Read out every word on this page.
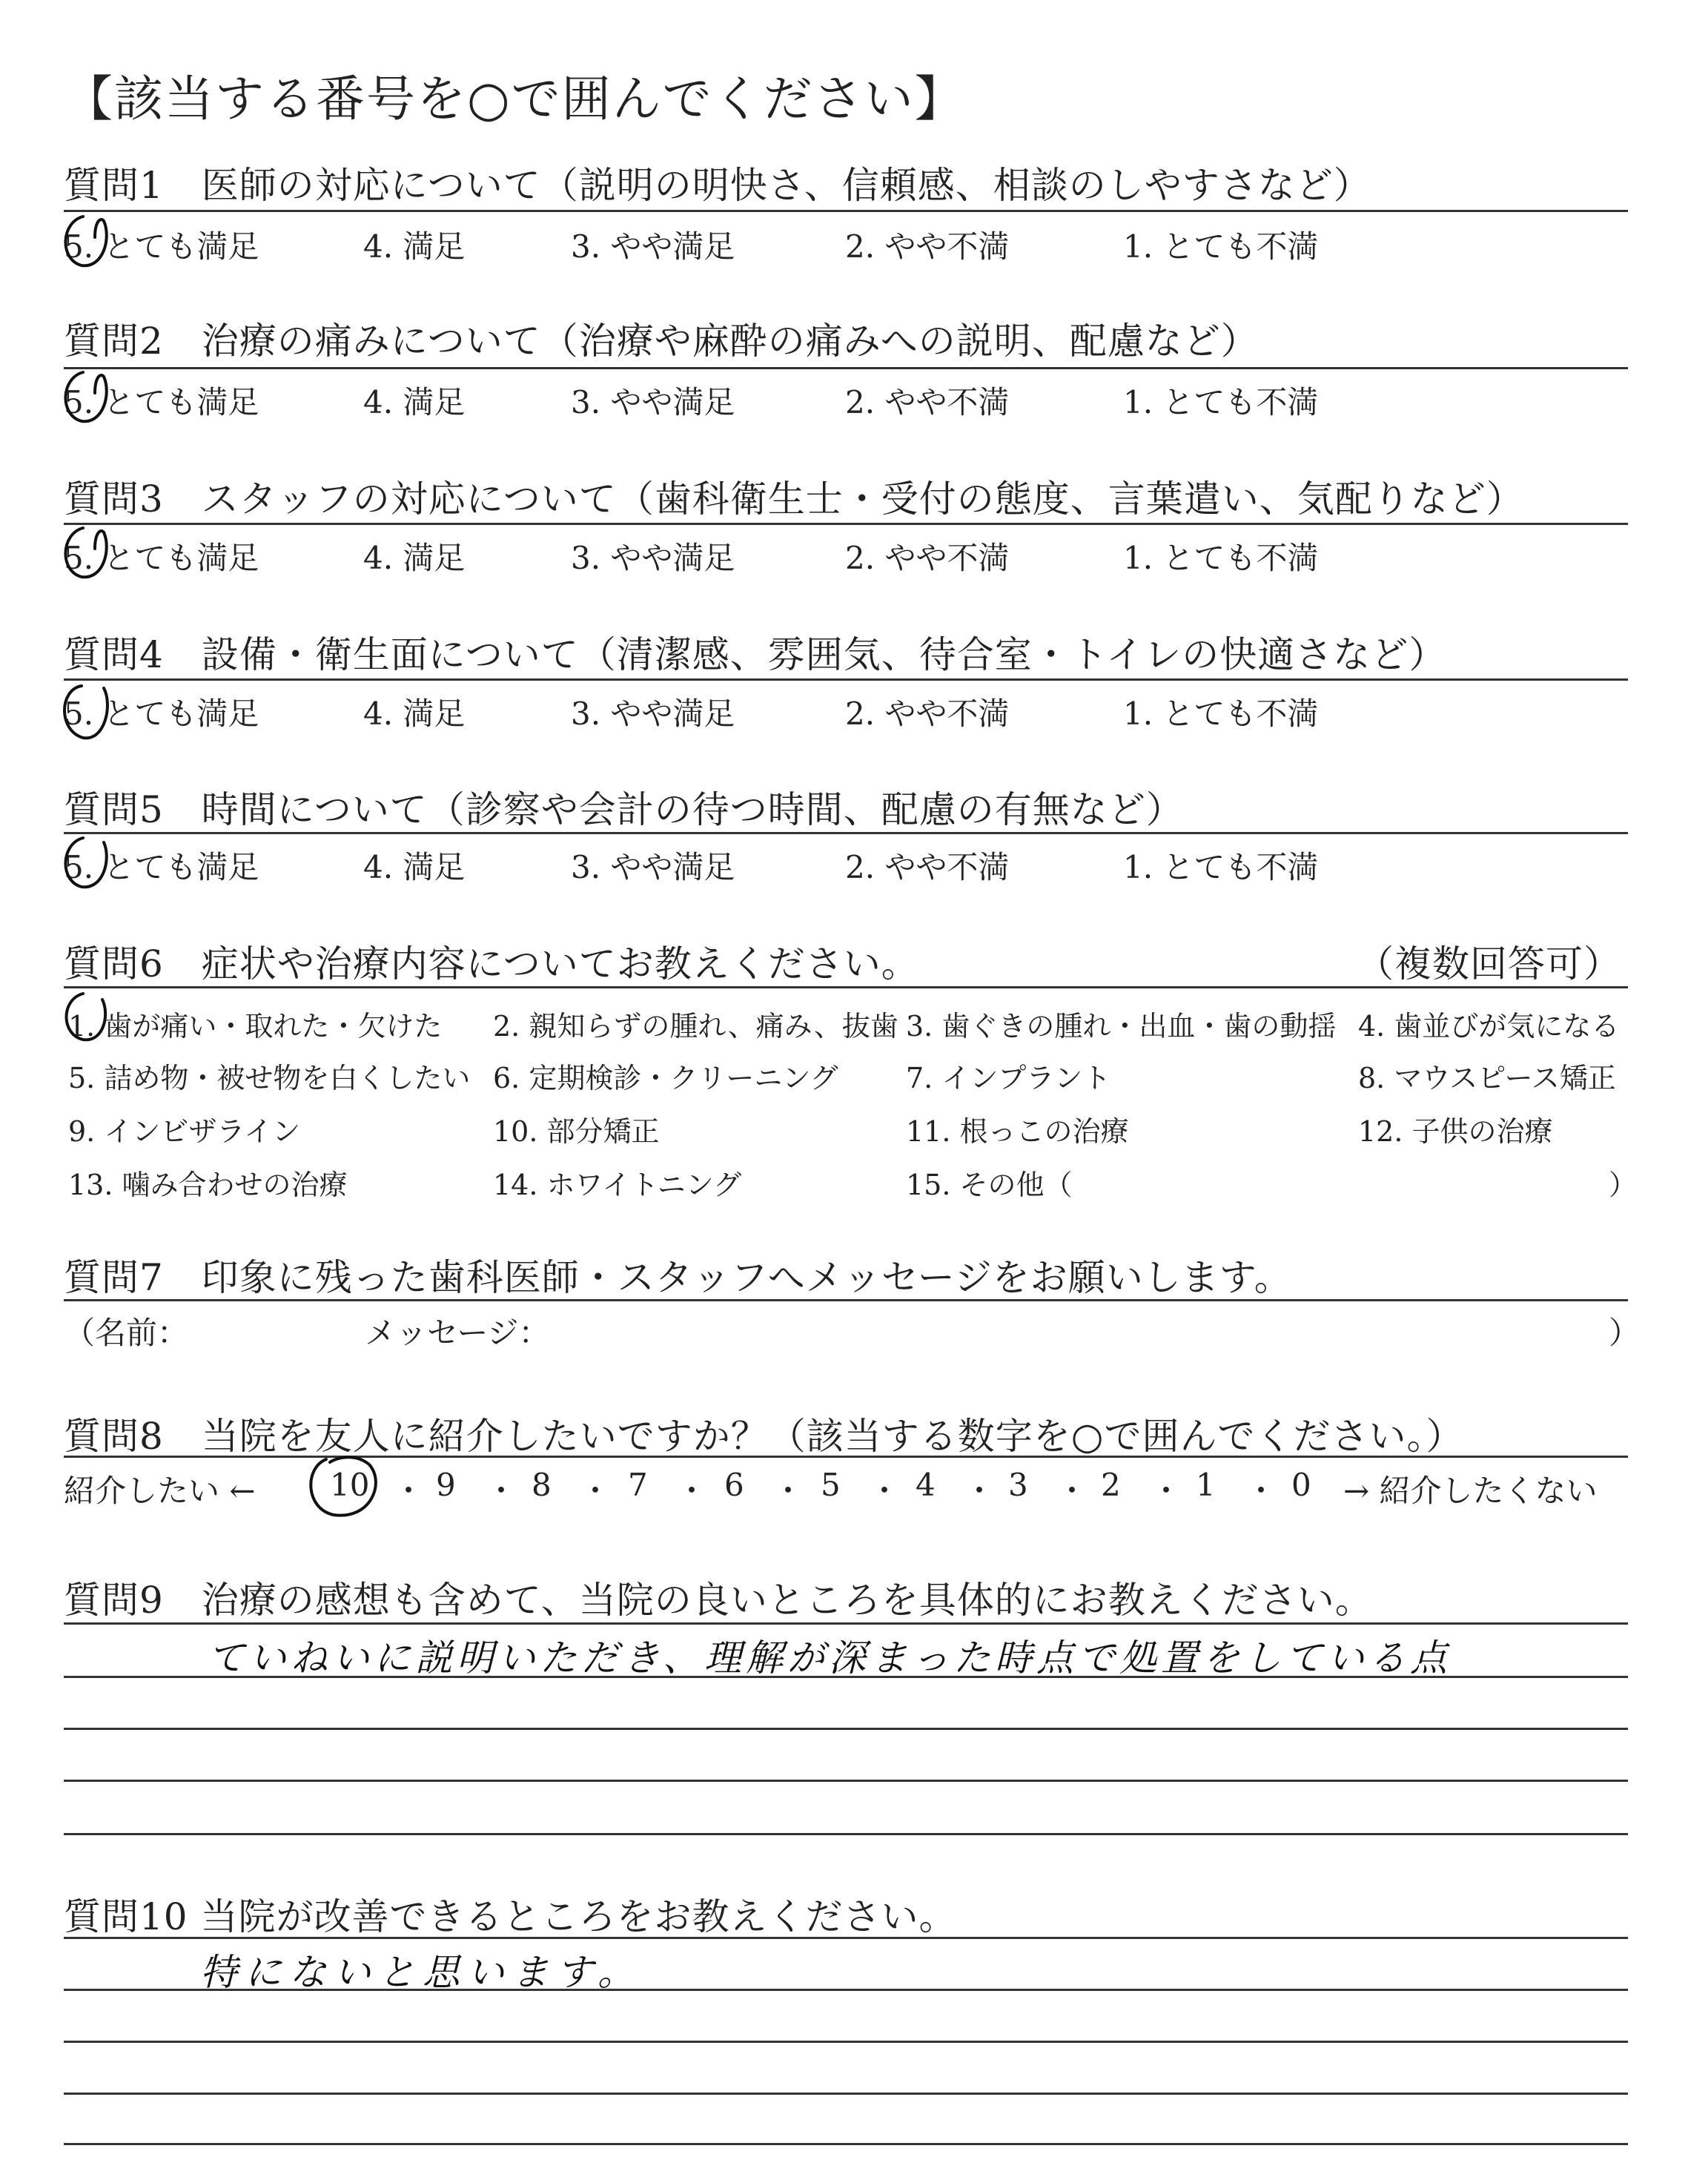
【該当する番号を○で囲んでください】
質問1　医師の対応について（説明の明快さ、信頼感、相談のしやすさなど）
5. とても満足	4. 満足	3. やや満足	2. やや不満	1. とても不満
質問2　治療の痛みについて（治療や麻酔の痛みへの説明、配慮など）
5. とても満足	4. 満足	3. やや満足	2. やや不満	1. とても不満
質問3　スタッフの対応について（歯科衛生士・受付の態度、言葉遣い、気配りなど）
5. とても満足	4. 満足	3. やや満足	2. やや不満	1. とても不満
質問4　設備・衛生面について（清潔感、雰囲気、待合室・トイレの快適さなど）
5. とても満足	4. 満足	3. やや満足	2. やや不満	1. とても不満
質問5　時間について（診察や会計の待つ時間、配慮の有無など）
5. とても満足	4. 満足	3. やや満足	2. やや不満	1. とても不満
質問6　症状や治療内容についてお教えください。	（複数回答可）
1. 歯が痛い・取れた・欠けた 2. 親知らずの腫れ、痛み、抜歯 3. 歯ぐきの腫れ・出血・歯の動揺 4. 歯並びが気になる
5. 詰め物・被せ物を白くしたい 6. 定期検診・クリーニング 7. インプラント	8. マウスピース矯正
9. インビザライン	10. 部分矯正	11. 根っこの治療	12. 子供の治療
13. 噛み合わせの治療	14. ホワイトニング	15. その他（	）
質問7　印象に残った歯科医師・スタッフへメッセージをお願いします。
（名前：	メッセージ：	）
質問8　当院を友人に紹介したいですか？（該当する数字を○で囲んでください。）
紹介したい ← 10 ・ 9 ・ 8 ・ 7 ・ 6 ・ 5 ・ 4 ・ 3 ・ 2 ・ 1 ・ 0 → 紹介したくない
質問9　治療の感想も含めて、当院の良いところを具体的にお教えください。
ていねいに説明いただき、理解が深まった時点で処置をしている点
質問10 当院が改善できるところをお教えください。
特にないと思います。
